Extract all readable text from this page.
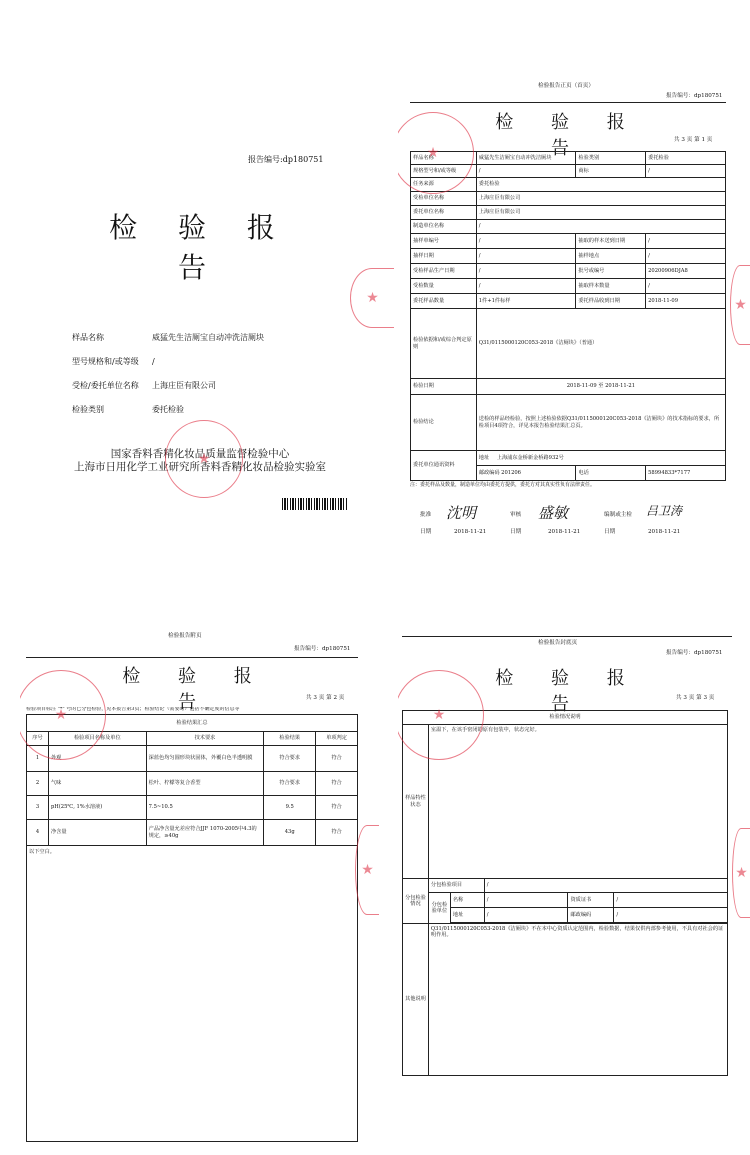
报告编号:dp180751
检 验 报 告
样品名称	威猛先生洁厕宝自动冲洗洁厕块
型号规格和/或等级	/
受检/委托单位名称	上海庄臣有限公司
检验类别	委托检验
国家香料香精化妆品质量监督检验中心
上海市日用化学工业研究所香料香精化妆品检验实验室
★
检验报告正页（首页）
报告编号：dp180751
检 验 报 告	共 3 页 第 1 页
样品名称	威猛先生洁厕宝自动冲洗洁厕块	检验类别	委托检验
规格型号和/或等级	/	商标	/
任务来源	委托检验		
受检单位名称	上海庄臣有限公司		
委托单位名称	上海庄臣有限公司		
制造单位名称	/		
抽样单编号	/	抽取的样本送到日期	/
抽样日期	/	抽样地点	/
受检样品生产日期	/	批号或编号	20200906DJA8
受检数量	/	抽取样本数量	/
委托样品数量	1件+1件标样	委托样品收到日期	2018-11-09
检验依据和/或综合判定原则	Q31/0115000120C053-2018《洁厕块》（普通）		
检验日期	2018-11-09 至 2018-11-21		
检验结论	送检的样品经检验，按照上述检验依据Q31/0115000120C053-2018《洁厕块》的技术指标的要求，所检项目4项符合，详见本报告检验结果汇总页。		
委托单位通讯资料	地址 上海浦东金桥新金桥路932号		
	邮政编码 201206	电话	58994833*7177
注：委托样品及数量，制造单位均由委托方提供，委托方对其真实性负有法律责任。
批准 沈明	审核 盛敏	编制或主检 吕卫涛
日期	2018-11-21	日期	2018-11-21	日期	2018-11-21
★
★
★
检验报告附页
报告编号：dp180751
检 验 报 告	共 3 页 第 2 页
检验项目标注 "*" 号的已分包检验，见本报告第3页；检验结论（需要时）包括不确定度的信息等
检验结果汇总				
序号	检验项目名称及单位	技术要求	检验结果	单项判定
1	外观	深蓝色均匀圆形块状固体，外覆白色半透明膜	符合要求	符合
2	气味	松叶、柠檬等复合香型	符合要求	符合
3	pH(25℃, 1%水溶液)	7.5~10.5	9.5	符合
4	净含量	产品净含量允差应符合JJF 1070-2005中4.3的规定，≥40g	43g	符合
以下空白。				
★
★
检验报告封底页
报告编号：dp180751
检 验 报 告	共 3 页 第 3 页
检验情况说明					
样品特性状态	室温下，在该手密闭的原有包装中，状态完好。				
分包检验情况	分包检验项目		/		
	分包检验单位	名称	/	资质证书	/
		地址	/	邮政编码	/

其他说明	Q31/0115000120C053-2018《洁厕块》不在本中心资质认定范围内，检验数据，结果仅供内部参考使用，不具有对社会的证明作用。				
★
★
